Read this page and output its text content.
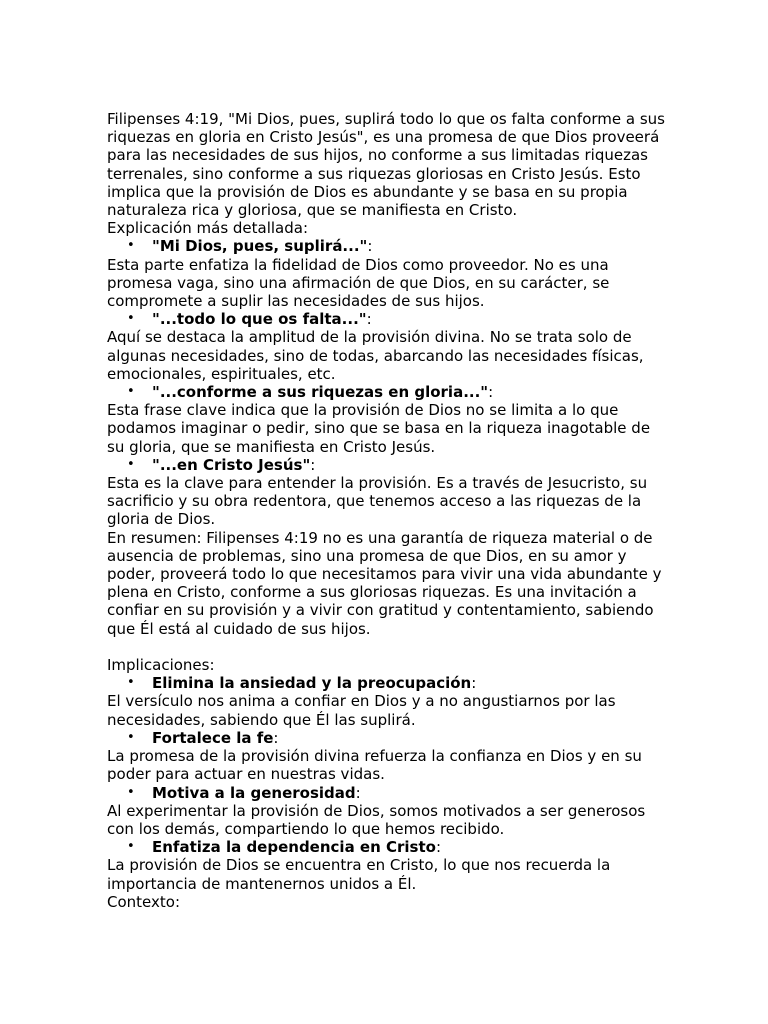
Filipenses 4:19, "Mi Dios, pues, suplirá todo lo que os falta conforme a sus riquezas en gloria en Cristo Jesús", es una promesa de que Dios proveerá para las necesidades de sus hijos, no conforme a sus limitadas riquezas terrenales, sino conforme a sus riquezas gloriosas en Cristo Jesús. Esto implica que la provisión de Dios es abundante y se basa en su propia naturaleza rica y gloriosa, que se manifiesta en Cristo.

Explicación más detallada:

• "Mi Dios, pues, suplirá...":

Esta parte enfatiza la fidelidad de Dios como proveedor. No es una promesa vaga, sino una afirmación de que Dios, en su carácter, se compromete a suplir las necesidades de sus hijos.

• "...todo lo que os falta...":

Aquí se destaca la amplitud de la provisión divina. No se trata solo de algunas necesidades, sino de todas, abarcando las necesidades físicas, emocionales, espirituales, etc.

• "...conforme a sus riquezas en gloria...":

Esta frase clave indica que la provisión de Dios no se limita a lo que podamos imaginar o pedir, sino que se basa en la riqueza inagotable de su gloria, que se manifiesta en Cristo Jesús.

• "...en Cristo Jesús":

Esta es la clave para entender la provisión. Es a través de Jesucristo, su sacrificio y su obra redentora, que tenemos acceso a las riquezas de la gloria de Dios.

En resumen: Filipenses 4:19 no es una garantía de riqueza material o de ausencia de problemas, sino una promesa de que Dios, en su amor y poder, proveerá todo lo que necesitamos para vivir una vida abundante y plena en Cristo, conforme a sus gloriosas riquezas. Es una invitación a confiar en su provisión y a vivir con gratitud y contentamiento, sabiendo que Él está al cuidado de sus hijos.

Implicaciones:

• Elimina la ansiedad y la preocupación:

El versículo nos anima a confiar en Dios y a no angustiarnos por las necesidades, sabiendo que Él las suplirá.

• Fortalece la fe:

La promesa de la provisión divina refuerza la confianza en Dios y en su poder para actuar en nuestras vidas.

• Motiva a la generosidad:

Al experimentar la provisión de Dios, somos motivados a ser generosos con los demás, compartiendo lo que hemos recibido.

• Enfatiza la dependencia en Cristo:

La provisión de Dios se encuentra en Cristo, lo que nos recuerda la importancia de mantenernos unidos a Él.

Contexto:
